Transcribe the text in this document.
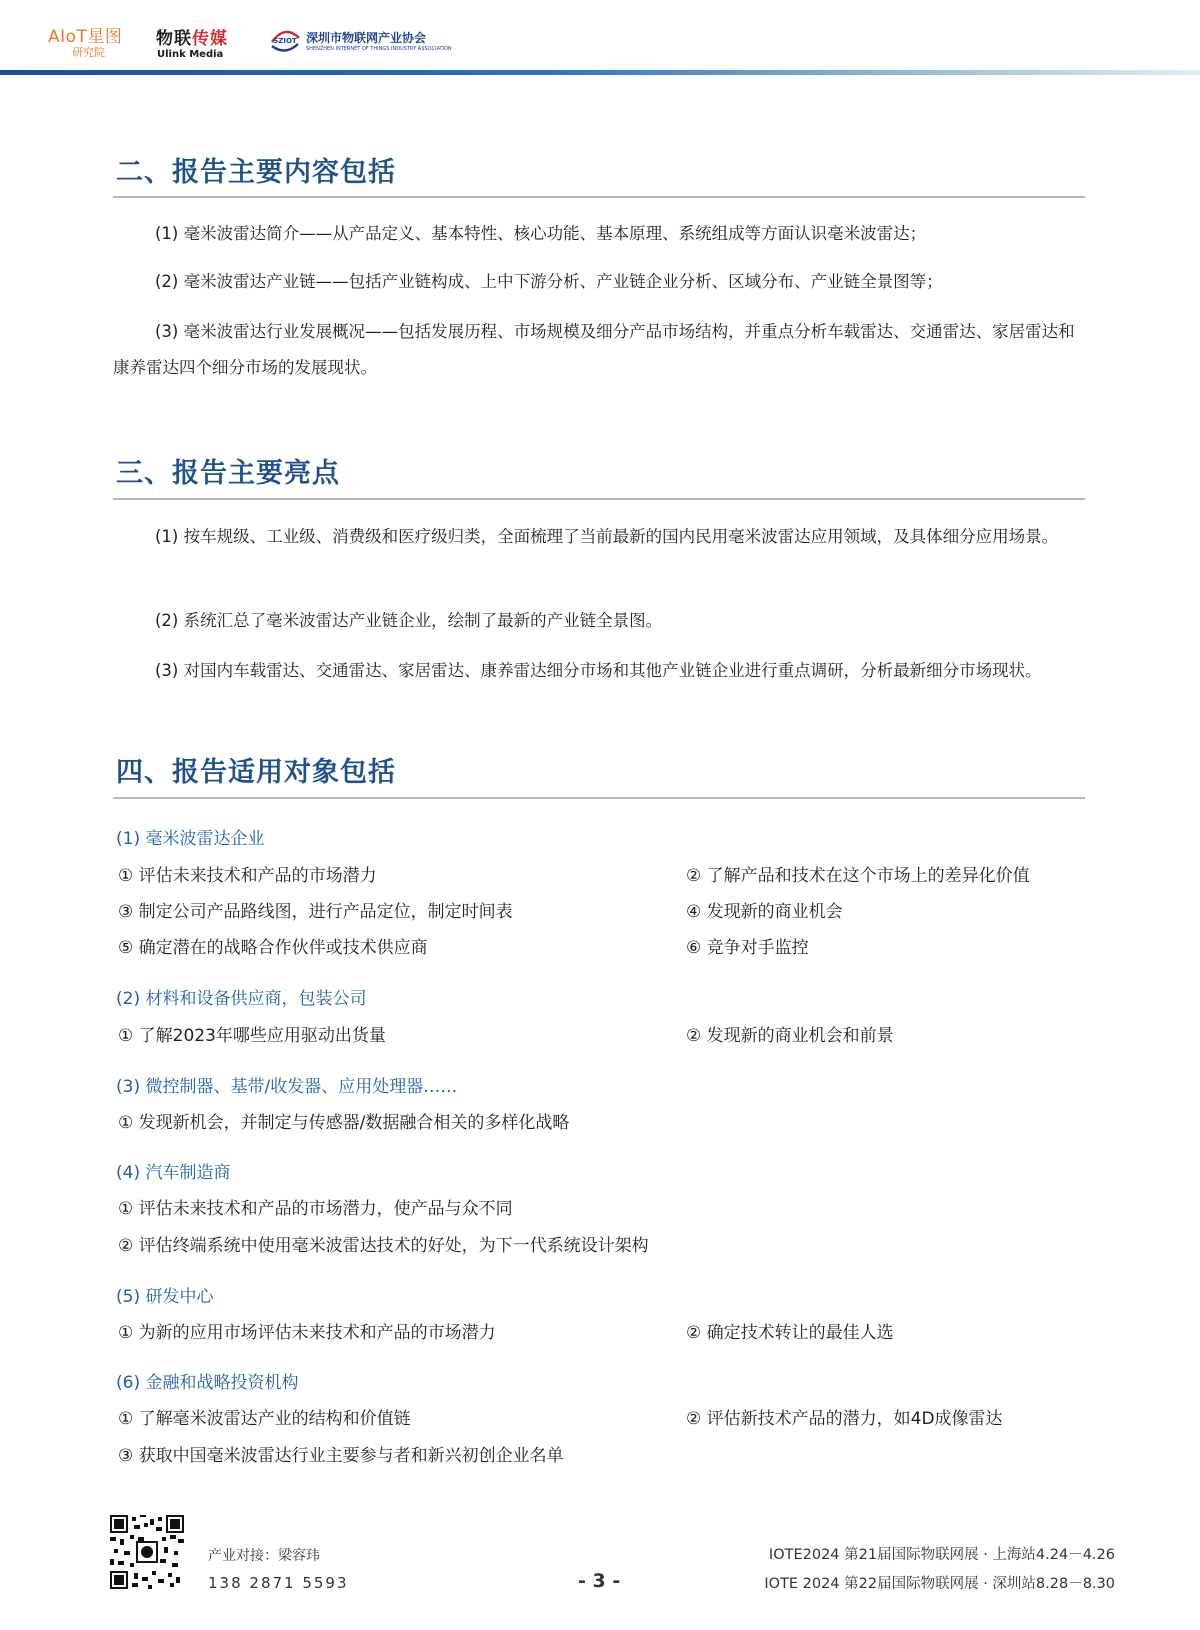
AIoT星图
研究院
物联传媒
Ulink Media
SZIOT 深圳市物联网产业协会
SHENZHEN INTERNET OF THINGS INDUSTRY ASSOCIATION
二、报告主要内容包括

(1) 毫米波雷达简介——从产品定义、基本特性、核心功能、基本原理、系统组成等方面认识毫米波雷达；

(2) 毫米波雷达产业链——包括产业链构成、上中下游分析、产业链企业分析、区域分布、产业链全景图等；

(3) 毫米波雷达行业发展概况——包括发展历程、市场规模及细分产品市场结构，并重点分析车载雷达、交通雷达、家居雷达和康养雷达四个细分市场的发展现状。

三、报告主要亮点

(1) 按车规级、工业级、消费级和医疗级归类，全面梳理了当前最新的国内民用毫米波雷达应用领域，及具体细分应用场景。

(2) 系统汇总了毫米波雷达产业链企业，绘制了最新的产业链全景图。

(3) 对国内车载雷达、交通雷达、家居雷达、康养雷达细分市场和其他产业链企业进行重点调研，分析最新细分市场现状。

四、报告适用对象包括
(1) 毫米波雷达企业
① 评估未来技术和产品的市场潜力	② 了解产品和技术在这个市场上的差异化价值
③ 制定公司产品路线图，进行产品定位，制定时间表	④ 发现新的商业机会
⑤ 确定潜在的战略合作伙伴或技术供应商	⑥ 竞争对手监控
(2) 材料和设备供应商，包装公司
① 了解2023年哪些应用驱动出货量	② 发现新的商业机会和前景
(3) 微控制器、基带/收发器、应用处理器……
① 发现新机会，并制定与传感器/数据融合相关的多样化战略
(4) 汽车制造商
① 评估未来技术和产品的市场潜力，使产品与众不同
② 评估终端系统中使用毫米波雷达技术的好处，为下一代系统设计架构
(5) 研发中心
① 为新的应用市场评估未来技术和产品的市场潜力	② 确定技术转让的最佳人选
(6) 金融和战略投资机构
① 了解毫米波雷达产业的结构和价值链	② 评估新技术产品的潜力，如4D成像雷达
③ 获取中国毫米波雷达行业主要参与者和新兴初创企业名单
产业对接：梁容玮
138 2871 5593	- 3 -
IOTE2024 第21届国际物联网展 · 上海站4.24－4.26
IOTE 2024 第22届国际物联网展 · 深圳站8.28－8.30
